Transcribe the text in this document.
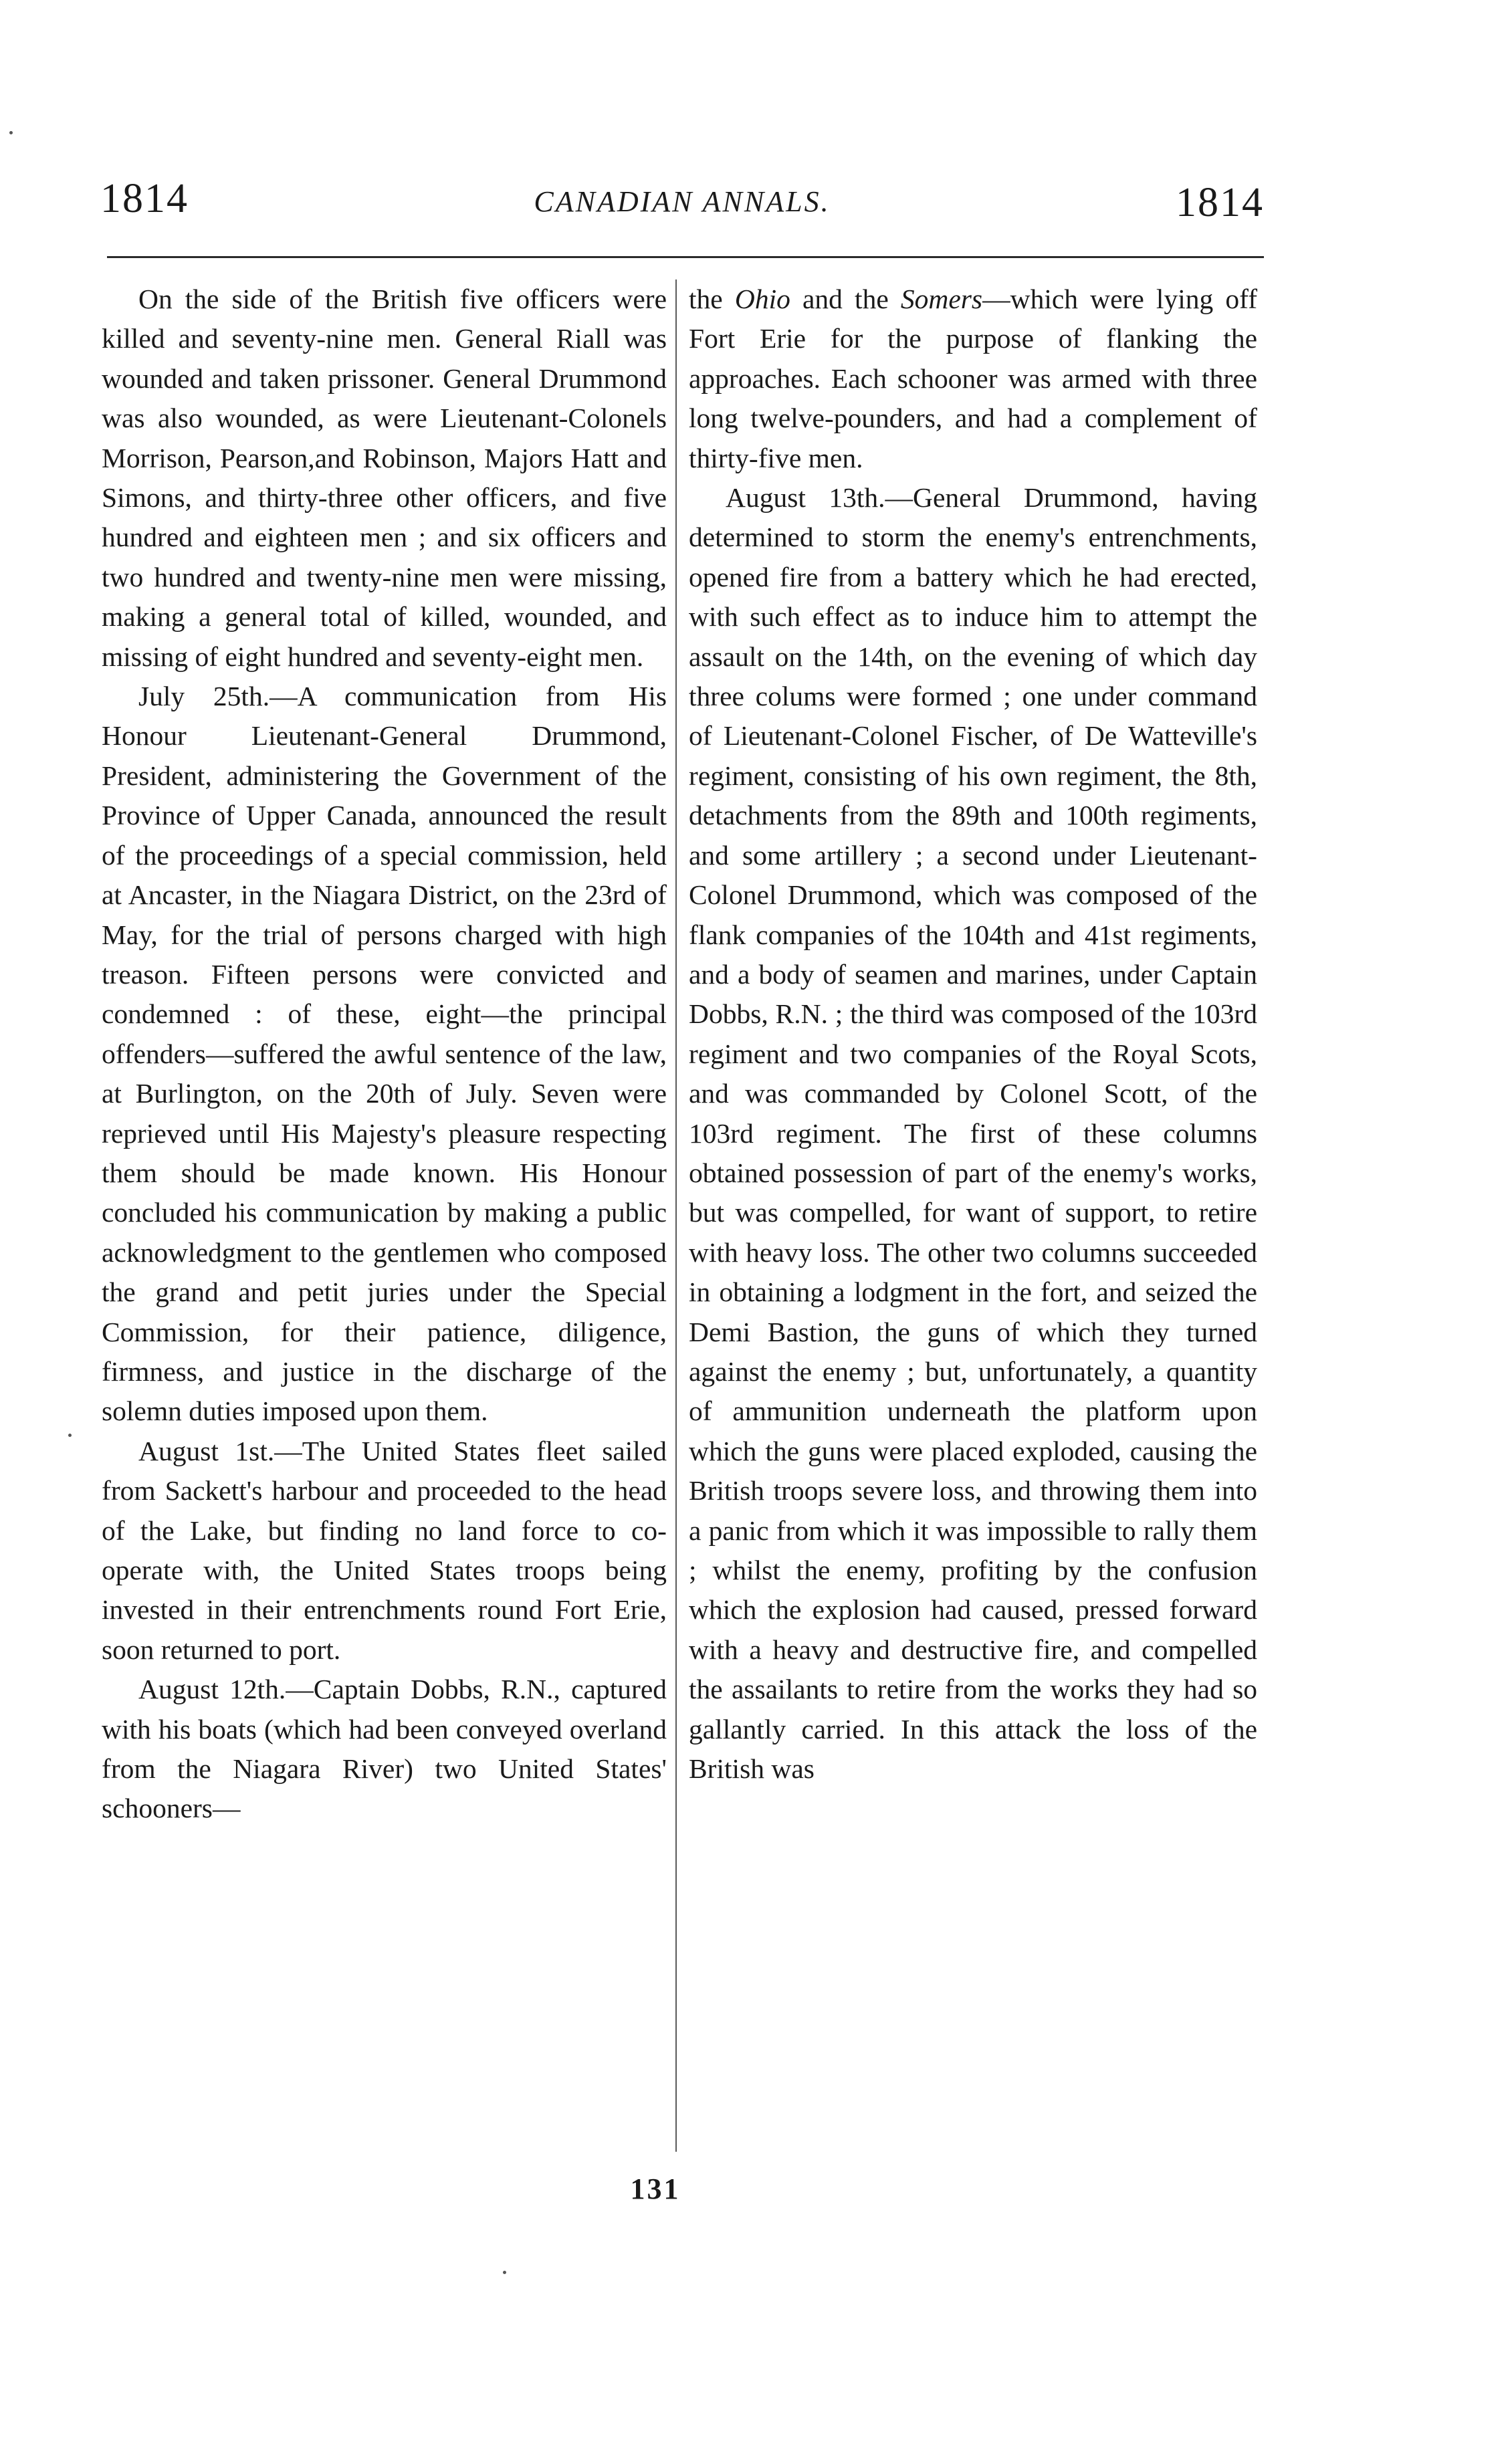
1814	CANADIAN ANNALS.	1814

On the side of the British five officers were killed and seventy-nine men. General Riall was wounded and taken prissoner. General Drummond was also wounded, as were Lieutenant-Colonels Morrison, Pearson,and Robinson, Majors Hatt and Simons, and thirty-three other officers, and five hundred and eighteen men ; and six officers and two hundred and twenty-nine men were missing, making a general total of killed, wounded, and missing of eight hundred and seventy-eight men.

July 25th.—A communication from His Honour Lieutenant-General Drummond, President, administering the Government of the Province of Upper Canada, announced the result of the proceedings of a special commission, held at Ancaster, in the Niagara District, on the 23rd of May, for the trial of persons charged with high treason. Fifteen persons were convicted and condemned : of these, eight—the principal offenders—suffered the awful sentence of the law, at Burlington, on the 20th of July. Seven were reprieved until His Majesty's pleasure respecting them should be made known. His Honour concluded his communication by making a public acknowledgment to the gentlemen who composed the grand and petit juries under the Special Commission, for their patience, diligence, firmness, and justice in the discharge of the solemn duties imposed upon them.

August 1st.—The United States fleet sailed from Sackett's harbour and proceeded to the head of the Lake, but finding no land force to co-operate with, the United States troops being invested in their entrenchments round Fort Erie, soon returned to port.

August 12th.—Captain Dobbs, R.N., captured with his boats (which had been conveyed overland from the Niagara River) two United States' schooners—

the Ohio and the Somers—which were lying off Fort Erie for the purpose of flanking the approaches. Each schooner was armed with three long twelve-pounders, and had a complement of thirty-five men.

August 13th.—General Drummond, having determined to storm the enemy's entrenchments, opened fire from a battery which he had erected, with such effect as to induce him to attempt the assault on the 14th, on the evening of which day three colums were formed ; one under command of Lieutenant-Colonel Fischer, of De Watteville's regiment, consisting of his own regiment, the 8th, detachments from the 89th and 100th regiments, and some artillery ; a second under Lieutenant-Colonel Drummond, which was composed of the flank companies of the 104th and 41st regiments, and a body of seamen and marines, under Captain Dobbs, R.N. ; the third was composed of the 103rd regiment and two companies of the Royal Scots, and was commanded by Colonel Scott, of the 103rd regiment. The first of these columns obtained possession of part of the enemy's works, but was compelled, for want of support, to retire with heavy loss. The other two columns succeeded in obtaining a lodgment in the fort, and seized the Demi Bastion, the guns of which they turned against the enemy ; but, unfortunately, a quantity of ammunition underneath the platform upon which the guns were placed exploded, causing the British troops severe loss, and throwing them into a panic from which it was impossible to rally them ; whilst the enemy, profiting by the confusion which the explosion had caused, pressed forward with a heavy and destructive fire, and compelled the assailants to retire from the works they had so gallantly carried. In this attack the loss of the British was

131
